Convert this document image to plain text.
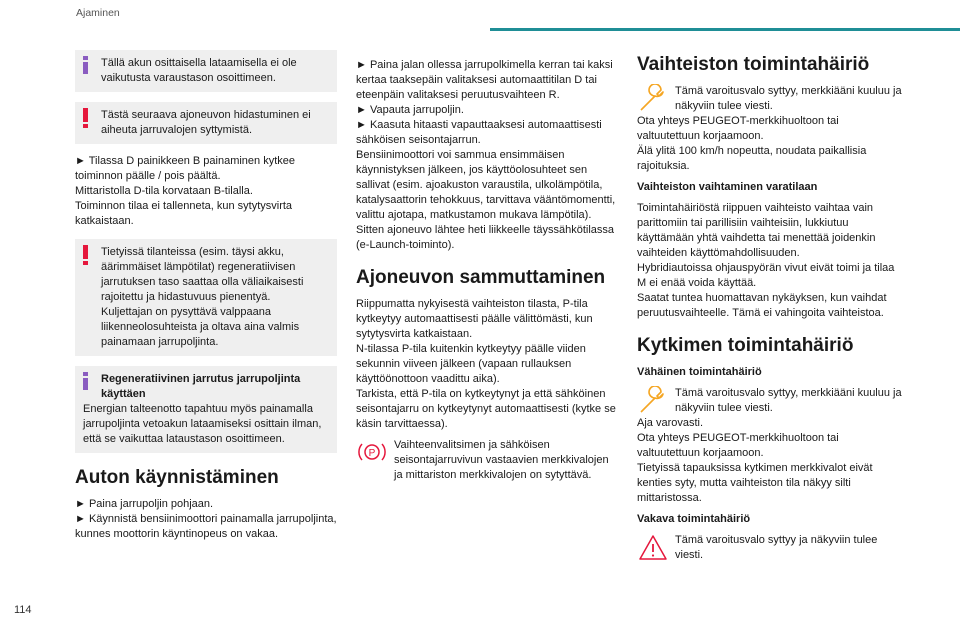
Ajaminen
Tällä akun osittaisella lataamisella ei ole vaikutusta varaustason osoittimeen.
Tästä seuraava ajoneuvon hidastuminen ei aiheuta jarruvalojen syttymistä.

► Tilassa D painikkeen B painaminen kytkee toiminnon päälle / pois päältä.

Mittaristolla D-tila korvataan B-tilalla.

Toiminnon tilaa ei tallenneta, kun sytytysvirta katkaistaan.

Tietyissä tilanteissa (esim. täysi akku, äärimmäiset lämpötilat) regeneratiivisen jarrutuksen taso saattaa olla väliaikaisesti rajoitettu ja hidastuvuus pienentyä.
Kuljettajan on pysyttävä valppaana liikenneolosuhteista ja oltava aina valmis painamaan jarrupoljinta.
Regeneratiivinen jarrutus jarrupoljinta käyttäen
Energian talteenotto tapahtuu myös painamalla jarrupoljinta vetoakun lataamiseksi osittain ilman, että se vaikuttaa lataustason osoittimeen.
Auton käynnistäminen

► Paina jarrupoljin pohjaan.

► Käynnistä bensiinimoottori painamalla jarrupoljinta, kunnes moottorin käyntinopeus on vakaa.

► Paina jalan ollessa jarrupolkimella kerran tai kaksi kertaa taaksepäin valitaksesi automaattitilan D tai eteenpäin valitaksesi peruutusvaihteen R.

► Vapauta jarrupoljin.

► Kaasuta hitaasti vapauttaaksesi automaattisesti sähköisen seisontajarrun.

Bensiinimoottori voi sammua ensimmäisen käynnistyksen jälkeen, jos käyttöolosuhteet sen sallivat (esim. ajoakuston varaustila, ulkolämpötila, katalysaattorin tehokkuus, tarvittava vääntömomentti, valittu ajotapa, matkustamon mukava lämpötila).

Sitten ajoneuvo lähtee heti liikkeelle täyssähkötilassa (e-Launch-toiminto).

Ajoneuvon sammuttaminen

Riippumatta nykyisestä vaihteiston tilasta, P-tila kytkeytyy automaattisesti päälle välittömästi, kun sytytysvirta katkaistaan.

N-tilassa P-tila kuitenkin kytkeytyy päälle viiden sekunnin viiveen jälkeen (vapaan rullauksen käyttöönottoon vaadittu aika).

Tarkista, että P-tila on kytkeytynyt ja että sähköinen seisontajarru on kytkeytynyt automaattisesti (kytke se käsin tarvittaessa).

P
Vaihteenvalitsimen ja sähköisen seisontajarruvivun vastaavien merkkivalojen ja mittariston merkkivalojen on sytyttävä.
Vaihteiston toimintahäiriö
Tämä varoitusvalo syttyy, merkkiääni kuuluu ja näkyviin tulee viesti.

Ota yhteys PEUGEOT-merkkihuoltoon tai valtuutettuun korjaamoon.

Älä ylitä 100 km/h nopeutta, noudata paikallisia rajoituksia.

Vaihteiston vaihtaminen varatilaan

Toimintahäiriöstä riippuen vaihteisto vaihtaa vain parittomiin tai parillisiin vaihteisiin, lukkiutuu käyttämään yhtä vaihdetta tai menettää joidenkin vaihteiden käyttömahdollisuuden.

Hybridiautoissa ohjauspyörän vivut eivät toimi ja tilaa M ei enää voida käyttää.

Saatat tuntea huomattavan nykäyksen, kun vaihdat peruutusvaihteelle. Tämä ei vahingoita vaihteistoa.

Kytkimen toimintahäiriö
Vähäinen toimintahäiriö
Tämä varoitusvalo syttyy, merkkiääni kuuluu ja näkyviin tulee viesti.

Aja varovasti.

Ota yhteys PEUGEOT-merkkihuoltoon tai valtuutettuun korjaamoon.

Tietyissä tapauksissa kytkimen merkkivalot eivät kenties syty, mutta vaihteiston tila näkyy silti mittaristossa.

Vakava toimintahäiriö
Tämä varoitusvalo syttyy ja näkyviin tulee viesti.
114
